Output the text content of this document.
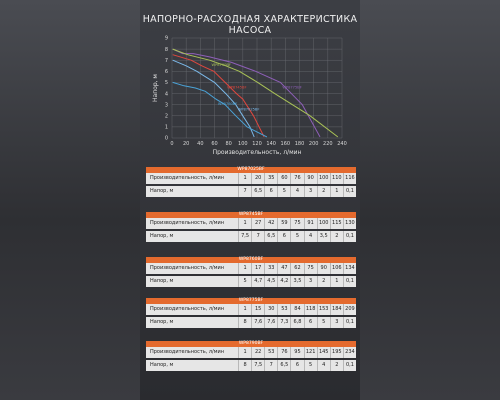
НАПОРНО-РАСХОДНАЯ ХАРАКТЕРИСТИКА НАСОСА
0 20 40 60 80 100 120 140 160 180 200 220 240
0
1
2
3
4
5
6
7
8
9
Производительность, л/мин
Напор, м	WP8775BF
WP87025BF
WP8745BF
WP8760BF
WP8790BF
WP87025BF
Производительность, л/мин	1	20	35	60	76	90	100 110 116
Напор, м	7	6,5	6	5	4	3	2	1	0,1
WP8745BF
Производительность, л/мин	1	27	42	59	75	91	100 115 130
Напор, м	7,5	7	6,5	6	5	4	3,5	2	0,1
WP8760BF
Производительность, л/мин	1	17	33	47	62	75	90	106 134
Напор, м	5	4,7	4,5	4,2	3,5	3	2	1	0,1
WP8775BF
Производительность, л/мин	1	15	30	53	84	118 153 184 209
Напор, м	8	7,6	7,6	7,3	6,8	6	5	3	0,1
WP8790BF
Производительность, л/мин	1	22	53	76	95	121 145 195 234
Напор, м	8	7,5	7	6,5	6	5	4	2	0,1
